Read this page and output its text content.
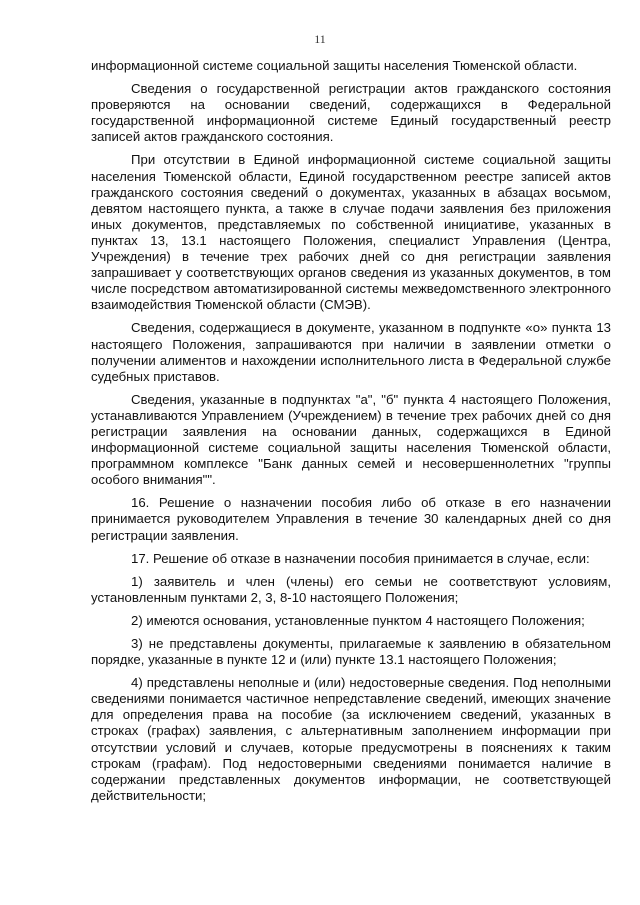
11

информационной системе социальной защиты населения Тюменской области.

Сведения о государственной регистрации актов гражданского состояния проверяются на основании сведений, содержащихся в Федеральной государственной информационной системе Единый государственный реестр записей актов гражданского состояния.

При отсутствии в Единой информационной системе социальной защиты населения Тюменской области, Единой государственном реестре записей актов гражданского состояния сведений о документах, указанных в абзацах восьмом, девятом настоящего пункта, а также в случае подачи заявления без приложения иных документов, представляемых по собственной инициативе, указанных в пунктах 13, 13.1 настоящего Положения, специалист Управления (Центра, Учреждения) в течение трех рабочих дней со дня регистрации заявления запрашивает у соответствующих органов сведения из указанных документов, в том числе посредством автоматизированной системы межведомственного электронного взаимодействия Тюменской области (СМЭВ).

Сведения, содержащиеся в документе, указанном в подпункте «о» пункта 13 настоящего Положения, запрашиваются при наличии в заявлении отметки о получении алиментов и нахождении исполнительного листа в Федеральной службе судебных приставов.

Сведения, указанные в подпунктах "а", "б" пункта 4 настоящего Положения, устанавливаются Управлением (Учреждением) в течение трех рабочих дней со дня регистрации заявления на основании данных, содержащихся в Единой информационной системе социальной защиты населения Тюменской области, программном комплексе "Банк данных семей и несовершеннолетних "группы особого внимания"".

16. Решение о назначении пособия либо об отказе в его назначении принимается руководителем Управления в течение 30 календарных дней со дня регистрации заявления.

17. Решение об отказе в назначении пособия принимается в случае, если:

1) заявитель и член (члены) его семьи не соответствуют условиям, установленным пунктами 2, 3, 8-10 настоящего Положения;

2) имеются основания, установленные пунктом 4 настоящего Положения;

3) не представлены документы, прилагаемые к заявлению в обязательном порядке, указанные в пункте 12 и (или) пункте 13.1 настоящего Положения;

4) представлены неполные и (или) недостоверные сведения. Под неполными сведениями понимается частичное непредставление сведений, имеющих значение для определения права на пособие (за исключением сведений, указанных в строках (графах) заявления, с альтернативным заполнением информации при отсутствии условий и случаев, которые предусмотрены в пояснениях к таким строкам (графам). Под недостоверными сведениями понимается наличие в содержании представленных документов информации, не соответствующей действительности;
